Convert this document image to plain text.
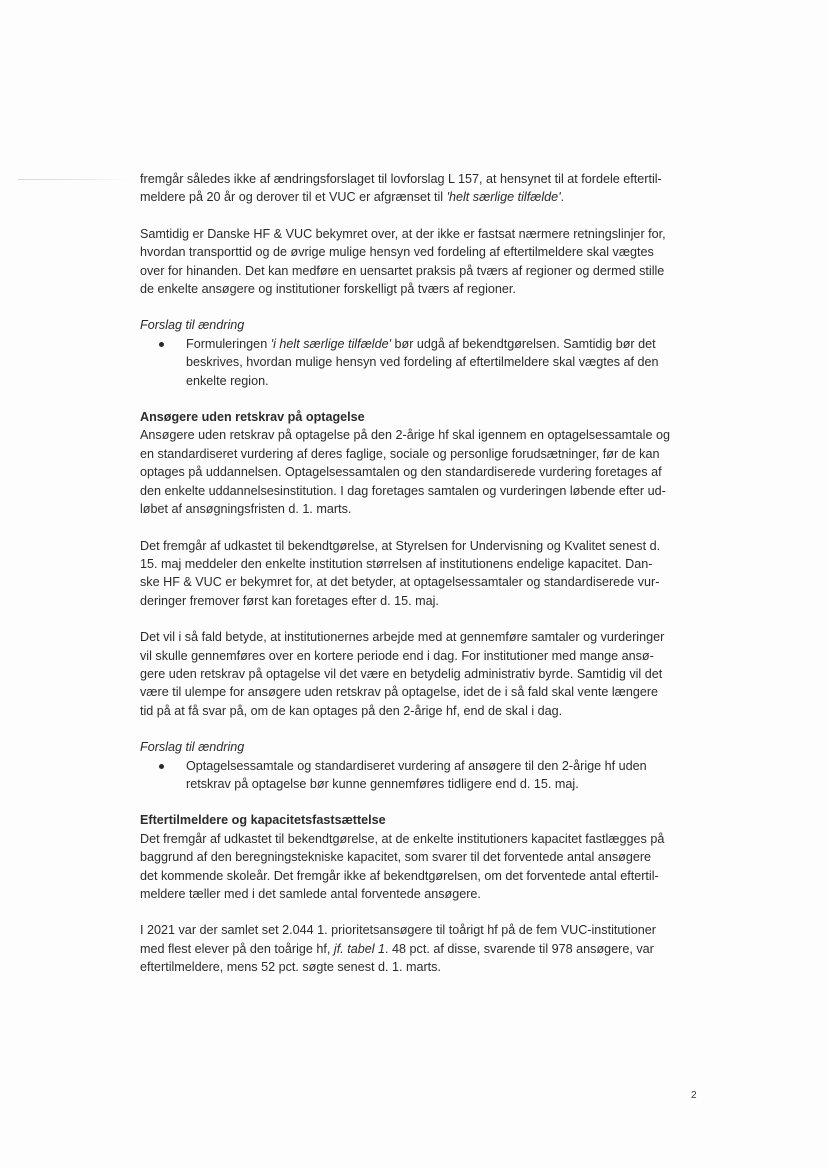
fremgår således ikke af ændringsforslaget til lovforslag L 157, at hensynet til at fordele eftertil-
meldere på 20 år og derover til et VUC er afgrænset til 'helt særlige tilfælde'.

Samtidig er Danske HF & VUC bekymret over, at der ikke er fastsat nærmere retningslinjer for,
hvordan transporttid og de øvrige mulige hensyn ved fordeling af eftertilmeldere skal vægtes
over for hinanden. Det kan medføre en uensartet praksis på tværs af regioner og dermed stille
de enkelte ansøgere og institutioner forskelligt på tværs af regioner.

Forslag til ændring
Formuleringen 'i helt særlige tilfælde' bør udgå af bekendtgørelsen. Samtidig bør det
beskrives, hvordan mulige hensyn ved fordeling af eftertilmeldere skal vægtes af den
enkelte region.

Ansøgere uden retskrav på optagelse
Ansøgere uden retskrav på optagelse på den 2-årige hf skal igennem en optagelsessamtale og
en standardiseret vurdering af deres faglige, sociale og personlige forudsætninger, før de kan
optages på uddannelsen. Optagelsessamtalen og den standardiserede vurdering foretages af
den enkelte uddannelsesinstitution. I dag foretages samtalen og vurderingen løbende efter ud-
løbet af ansøgningsfristen d. 1. marts.

Det fremgår af udkastet til bekendtgørelse, at Styrelsen for Undervisning og Kvalitet senest d.
15. maj meddeler den enkelte institution størrelsen af institutionens endelige kapacitet. Dan-
ske HF & VUC er bekymret for, at det betyder, at optagelsessamtaler og standardiserede vur-
deringer fremover først kan foretages efter d. 15. maj.

Det vil i så fald betyde, at institutionernes arbejde med at gennemføre samtaler og vurderinger
vil skulle gennemføres over en kortere periode end i dag. For institutioner med mange ansø-
gere uden retskrav på optagelse vil det være en betydelig administrativ byrde. Samtidig vil det
være til ulempe for ansøgere uden retskrav på optagelse, idet de i så fald skal vente længere
tid på at få svar på, om de kan optages på den 2-årige hf, end de skal i dag.

Forslag til ændring
Optagelsessamtale og standardiseret vurdering af ansøgere til den 2-årige hf uden
retskrav på optagelse bør kunne gennemføres tidligere end d. 15. maj.

Eftertilmeldere og kapacitetsfastsættelse
Det fremgår af udkastet til bekendtgørelse, at de enkelte institutioners kapacitet fastlægges på
baggrund af den beregningstekniske kapacitet, som svarer til det forventede antal ansøgere
det kommende skoleår. Det fremgår ikke af bekendtgørelsen, om det forventede antal eftertil-
meldere tæller med i det samlede antal forventede ansøgere.

I 2021 var der samlet set 2.044 1. prioritetsansøgere til toårigt hf på de fem VUC-institutioner
med flest elever på den toårige hf, jf. tabel 1. 48 pct. af disse, svarende til 978 ansøgere, var
eftertilmeldere, mens 52 pct. søgte senest d. 1. marts.

2
